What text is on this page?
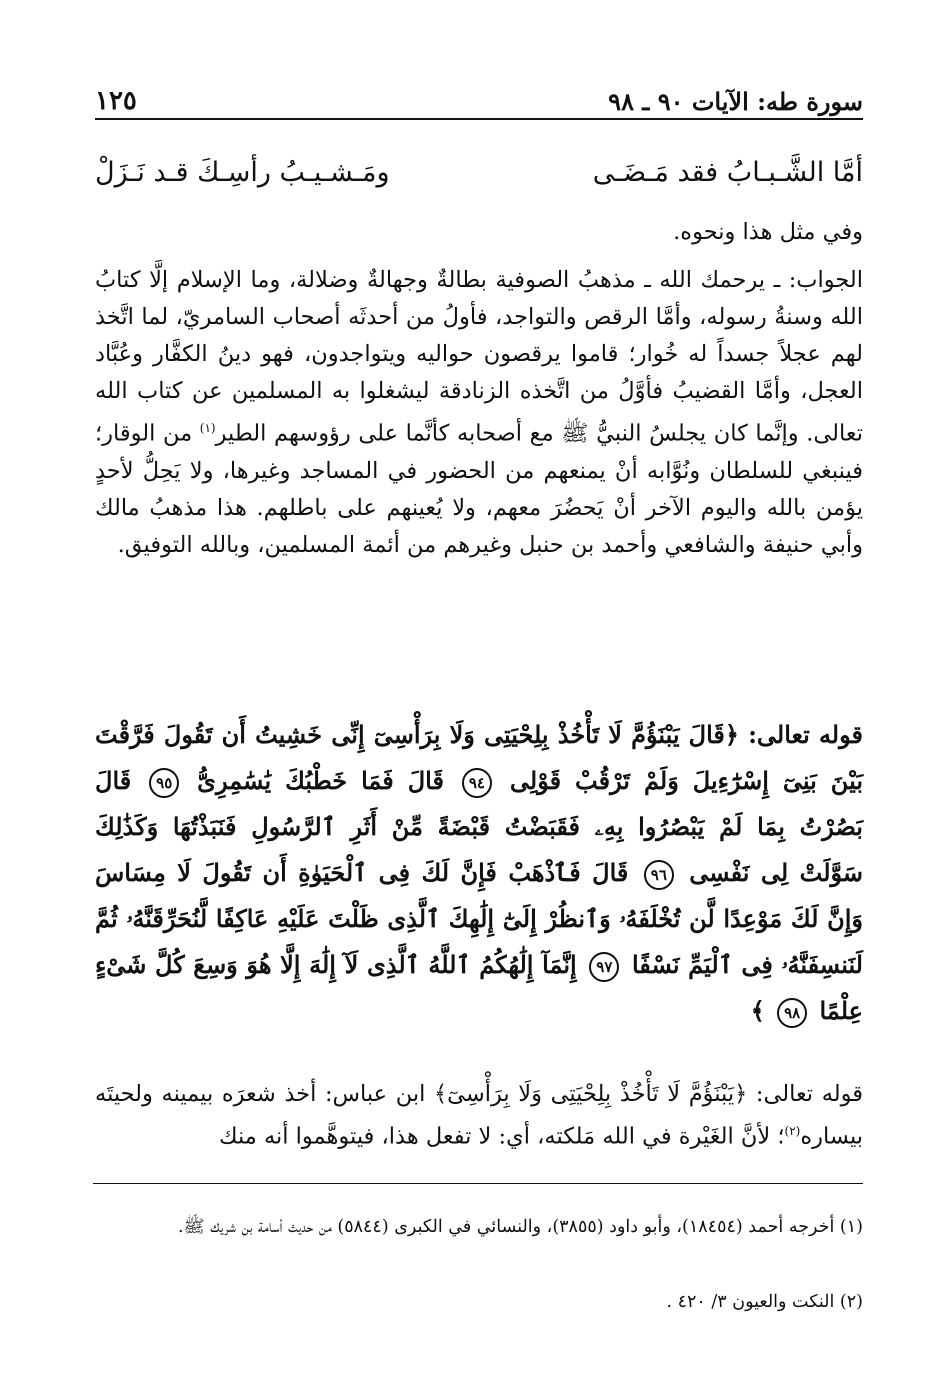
سورة طه: الآيات ٩٠ ـ ٩٨
١٢٥
أمَّا الشَّـبـابُ فقد مَـضَـى
ومَـشـيـبُ رأسِـكَ قـد نَـزَلْ
وفي مثل هذا ونحوه.
الجواب: ـ يرحمك الله ـ مذهبُ الصوفية بطالةٌ وجهالةٌ وضلالة، وما الإسلام إلَّا كتابُ الله وسنةُ رسوله، وأمَّا الرقص والتواجد، فأولُ من أحدثَه أصحاب السامريّ، لما اتَّخذ لهم عجلاً جسداً له خُوار؛ قاموا يرقصون حواليه ويتواجدون، فهو دينُ الكفَّار وعُبَّاد العجل، وأمَّا القضيبُ فأوَّلُ من اتَّخذه الزنادقة ليشغلوا به المسلمين عن كتاب الله تعالى. وإنَّما كان يجلسُ النبيُّ ﷺ مع أصحابه كأنَّما على رؤوسهم الطير$^{(١)}$ من الوقار؛ فينبغي للسلطان ونُوَّابه أنْ يمنعهم من الحضور في المساجد وغيرها، ولا يَحِلُّ لأحدٍ يؤمن بالله واليوم الآخر أنْ يَحضُرَ معهم، ولا يُعينهم على باطلهم. هذا مذهبُ مالك وأبي حنيفة والشافعي وأحمد بن حنبل وغيرهم من أئمة المسلمين، وبالله التوفيق.
قوله تعالى: ﴿قَالَ يَبْنَؤُمَّ لَا تَأْخُذْ بِلِحْيَتِى وَلَا بِرَأْسِىٓ إِنِّى خَشِيتُ أَن تَقُولَ فَرَّقْتَ بَيْنَ بَنِىٓ إِسْرَٰٓءِيلَ وَلَمْ تَرْقُبْ قَوْلِى ٩٤ قَالَ فَمَا خَطْبُكَ يَٰسَٰمِرِىُّ ٩٥ قَالَ بَصُرْتُ بِمَا لَمْ يَبْصُرُوا بِهِۦ فَقَبَضْتُ قَبْضَةً مِّنْ أَثَرِ ٱلرَّسُولِ فَنَبَذْتُهَا وَكَذَٰلِكَ سَوَّلَتْ لِى نَفْسِى ٩٦ قَالَ فَٱذْهَبْ فَإِنَّ لَكَ فِى ٱلْحَيَوٰةِ أَن تَقُولَ لَا مِسَاسَ وَإِنَّ لَكَ مَوْعِدًا لَّن تُخْلَفَهُۥ وَٱنظُرْ إِلَىٰٓ إِلَٰهِكَ ٱلَّذِى ظَلْتَ عَلَيْهِ عَاكِفًا لَّنُحَرِّقَنَّهُۥ ثُمَّ لَنَنسِفَنَّهُۥ فِى ٱلْيَمِّ نَسْفًا ٩٧ إِنَّمَآ إِلَٰهُكُمُ ٱللَّهُ ٱلَّذِى لَآ إِلَٰهَ إِلَّا هُوَ وَسِعَ كُلَّ شَىْءٍ عِلْمًا ٩٨ ﴾
قوله تعالى: ﴿يَبْنَؤُمَّ لَا تَأْخُذْ بِلِحْيَتِى وَلَا بِرَأْسِىٓ﴾ ابن عباس: أخذ شعرَه بيمينه ولحيتَه بيساره$^{(٢)}$؛ لأنَّ الغَيْرة في الله مَلكته، أي: لا تفعل هذا، فيتوهَّموا أنه منك
(١) أخرجه أحمد (١٨٤٥٤)، وأبو داود (٣٨٥٥)، والنسائي في الكبرى (٥٨٤٤) من حديث أسامة بن شريك ﷺ.
(٢) النكت والعيون ٣/ ٤٢٠ .
